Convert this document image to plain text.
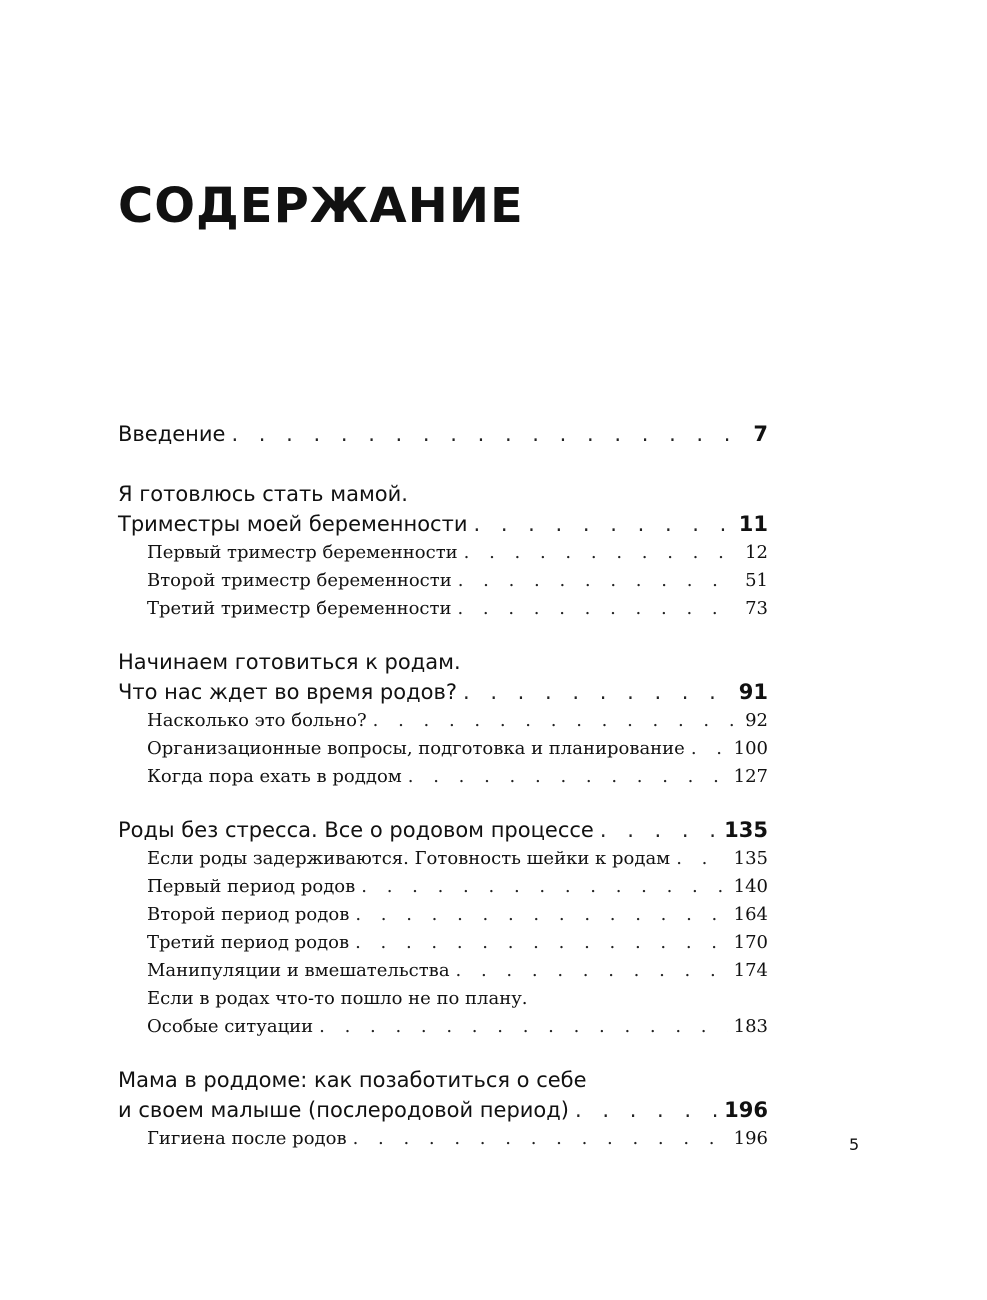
СОДЕРЖАНИЕ
Введение . . .	7
Я готовлюсь стать мамой.
Триместры моей беременности . . .	11
Первый триместр беременности . . .	12
Второй триместр беременности . . .	51
Третий триместр беременности . . .	73
Начинаем готовиться к родам.
Что нас ждет во время родов? . . .	91
Насколько это больно? . . .	92
Организационные вопросы, подготовка и планирование . . .	100
Когда пора ехать в роддом . . .	127
Роды без стресса. Все о родовом процессе . . .	135
Если роды задерживаются. Готовность шейки к родам . . .	135
Первый период родов . . .	140
Второй период родов . . .	164
Третий период родов . . .	170
Манипуляции и вмешательства . . .	174
Если в родах что-то пошло не по плану.
Особые ситуации . . .	183
Мама в роддоме: как позаботиться о себе
и своем малыше (послеродовой период) . . .	196
Гигиена после родов . . .	196	5
